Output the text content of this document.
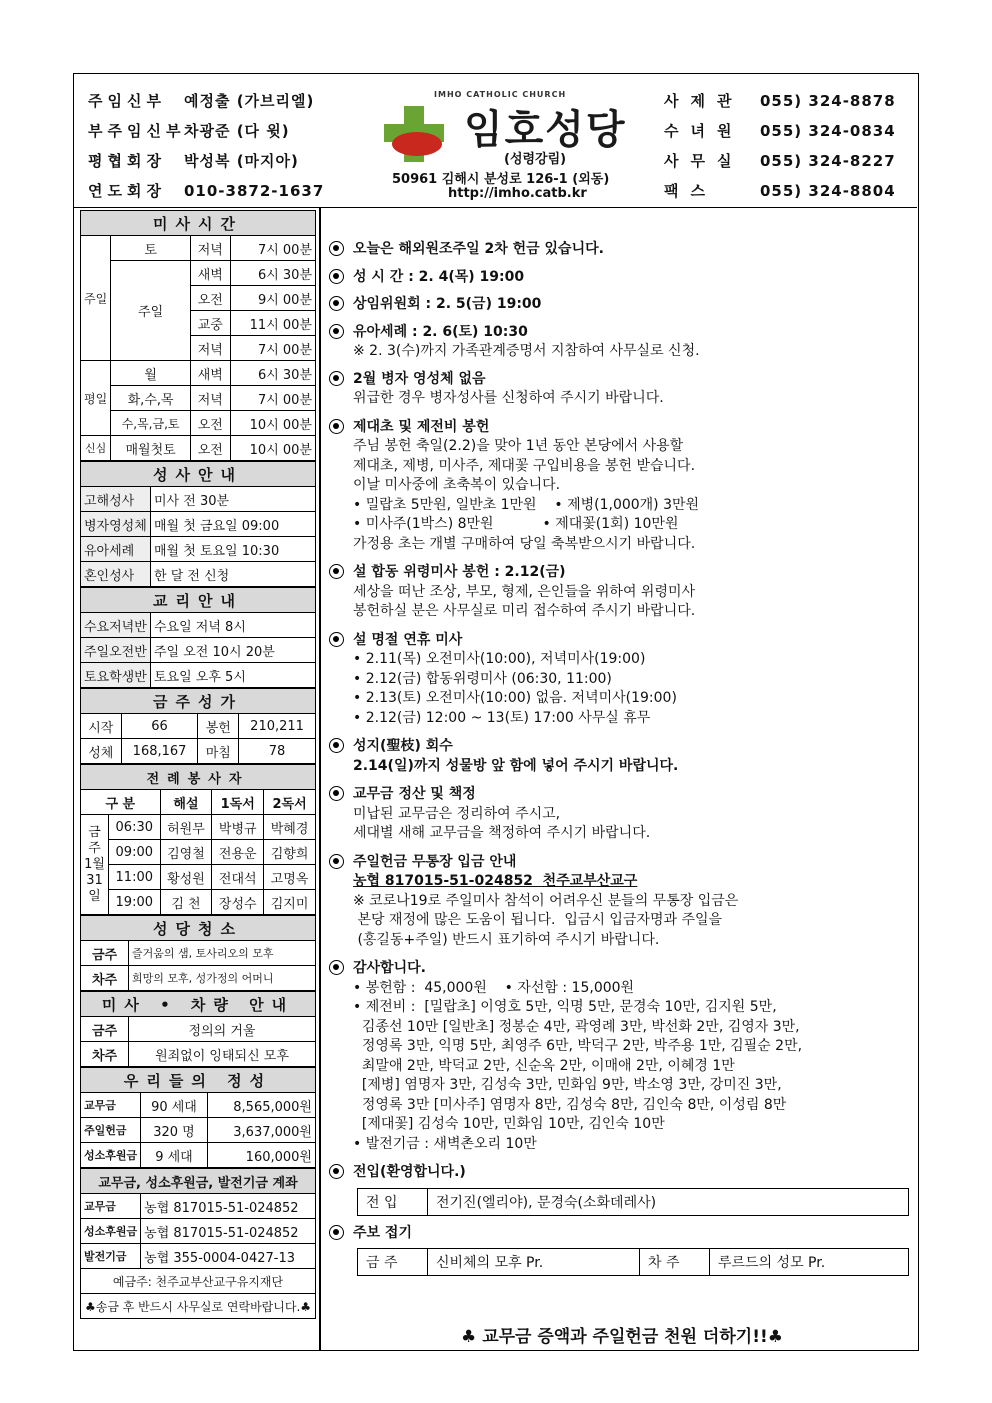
주임신부 예정출 (가브리엘)
부주임신부차광준 (다 윗)
평협회장 박성복 (마지아)
연도회장 010-3872-1637
IMHO CATHOLIC CHURCH
임호성당
(성령강림)
50961 김해시 분성로 126-1 (외동)
http://imho.catb.kr
사제관 055) 324-8878
수녀원 055) 324-0834
사무실 055) 324-8227
팩스	055) 324-8804
미사시간			
주일	토	저녁	7시 00분
	주일	새벽	6시 30분
		오전	9시 00분
		교중	11시 00분
		저녁	7시 00분
평일	월	새벽	6시 30분
	화,수,목	저녁	7시 00분
	수,목,금,토	오전	10시 00분
신심	매월첫토	오전	10시 00분
성사안내	
고해성사	미사 전 30분
병자영성체	매월 첫 금요일 09:00
유아세례	매월 첫 토요일 10:30
혼인성사	한 달 전 신청
교리안내	
수요저녁반	수요일 저녁 8시
주일오전반	주일 오전 10시 20분
토요학생반	토요일 오후 5시
금주성가			
시작	66	봉헌	210,211
성체	168,167	마침	78
전례봉사자				
구 분		해설	1독서	2독서
금주 1월 31일	06:30	허원무	박병규	박혜경
	09:00	김영철	전용운	김향희
	11:00	황성원	전대석	고명옥
	19:00	김 천	장성수	김지미
성당청소	
금주	즐거움의 샘, 토사리오의 모후
차주	희망의 모후, 성가정의 어머니
미사 • 차량 안내	
금주	정의의 거울
차주	원죄없이 잉태되신 모후
우리들의 정성		
교무금	90 세대	8,565,000원
주일헌금	320 명	3,637,000원
성소후원금	9 세대	160,000원
교무금, 성소후원금, 발전기금 계좌	
교무금	농협 817015-51-024852
성소후원금	농협 817015-51-024852
발전기금	농협 355-0004-0427-13
예금주: 천주교부산교구유지재단	
♣송금 후 반드시 사무실로 연락바랍니다.♣	
오늘은 해외원조주일 2차 헌금 있습니다.
성 시 간 : 2. 4(목) 19:00
상임위원회 : 2. 5(금) 19:00
유아세례 : 2. 6(토) 10:30
※ 2. 3(수)까지 가족관계증명서 지참하여 사무실로 신청.
2월 병자 영성체 없음
위급한 경우 병자성사를 신청하여 주시기 바랍니다.
제대초 및 제전비 봉헌
주님 봉헌 축일(2.2)을 맞아 1년 동안 본당에서 사용할
제대초, 제병, 미사주, 제대꽃 구입비용을 봉헌 받습니다.
이날 미사중에 초축복이 있습니다.
• 밀랍초 5만원, 일반초 1만원    • 제병(1,000개) 3만원
• 미사주(1박스) 8만원           • 제대꽃(1회) 10만원
가정용 초는 개별 구매하여 당일 축복받으시기 바랍니다.
설 합동 위령미사 봉헌 : 2.12(금)
세상을 떠난 조상, 부모, 형제, 은인들을 위하여 위령미사
봉헌하실 분은 사무실로 미리 접수하여 주시기 바랍니다.
설 명절 연휴 미사
• 2.11(목) 오전미사(10:00), 저녁미사(19:00)
• 2.12(금) 합동위령미사 (06:30, 11:00)
• 2.13(토) 오전미사(10:00) 없음. 저녁미사(19:00)
• 2.12(금) 12:00 ~ 13(토) 17:00 사무실 휴무
성지(聖枝) 회수
2.14(일)까지 성물방 앞 함에 넣어 주시기 바랍니다.
교무금 정산 및 책정
미납된 교무금은 정리하여 주시고,
세대별 새해 교무금을 책정하여 주시기 바랍니다.
주일헌금 무통장 입금 안내
농협 817015-51-024852  천주교부산교구
※ 코로나19로 주일미사 참석이 어려우신 분들의 무통장 입금은
본당 재정에 많은 도움이 됩니다.  입금시 입금자명과 주일을
(홍길동+주일) 반드시 표기하여 주시기 바랍니다.
감사합니다.
• 봉헌함 :  45,000원    • 자선함 : 15,000원
• 제전비 :  [밀랍초] 이영호 5만, 익명 5만, 문경숙 10만, 김지원 5만,
김종선 10만 [일반초] 정봉순 4만, 곽영례 3만, 박선화 2만, 김영자 3만,
정영록 3만, 익명 5만, 최영주 6만, 박덕구 2만, 박주용 1만, 김필순 2만,
최말애 2만, 박덕교 2만, 신순옥 2만, 이매애 2만, 이혜경 1만
[제병] 염명자 3만, 김성숙 3만, 민화임 9만, 박소영 3만, 강미진 3만,
정영록 3만 [미사주] 염명자 8만, 김성숙 8만, 김인숙 8만, 이성림 8만
[제대꽃] 김성숙 10만, 민화임 10만, 김인숙 10만
• 발전기금 : 새벽촌오리 10만
전입(환영합니다.)
전 입	전기진(엘리야), 문경숙(소화데레사)
주보 접기
금 주	신비체의 모후 Pr.	차 주	루르드의 성모 Pr.
♣ 교무금 증액과 주일헌금 천원 더하기!!♣
